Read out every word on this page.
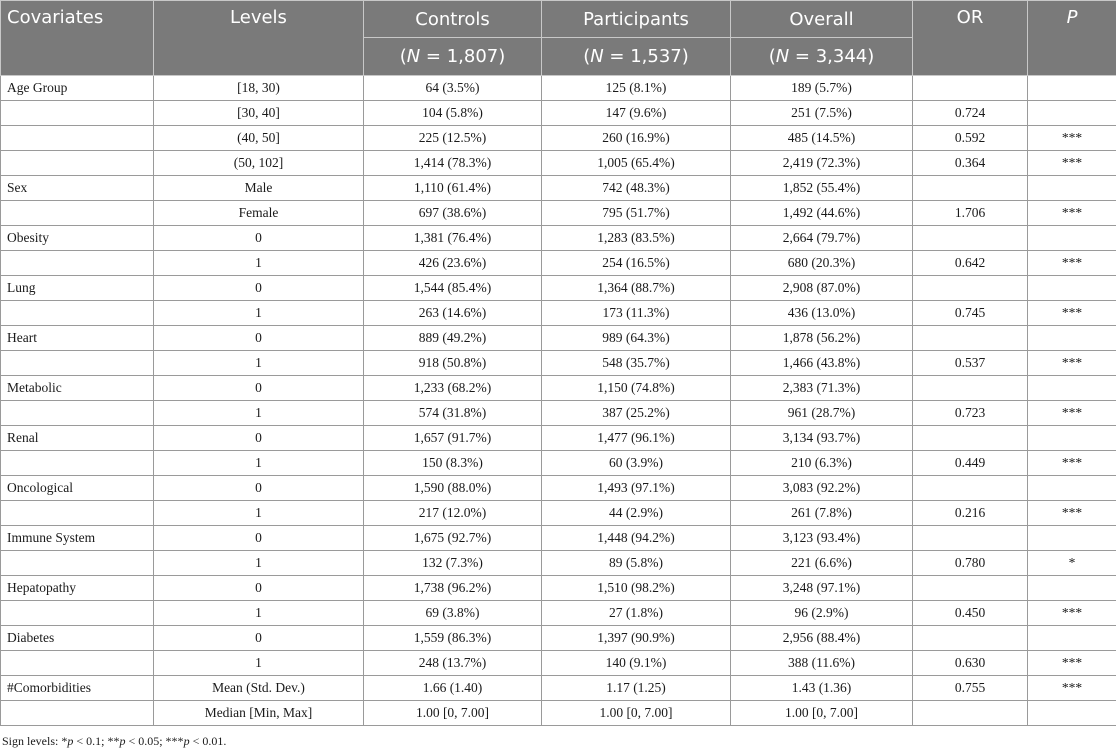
Covariates	Levels	Controls	Participants	Overall	OR	P
		(N = 1,807)	(N = 1,537)	(N = 3,344)		
Age Group	[18, 30)	64 (3.5%)	125 (8.1%)	189 (5.7%)		
	[30, 40]	104 (5.8%)	147 (9.6%)	251 (7.5%)	0.724	
	(40, 50]	225 (12.5%)	260 (16.9%)	485 (14.5%)	0.592	***
	(50, 102]	1,414 (78.3%)	1,005 (65.4%)	2,419 (72.3%)	0.364	***
Sex	Male	1,110 (61.4%)	742 (48.3%)	1,852 (55.4%)		
	Female	697 (38.6%)	795 (51.7%)	1,492 (44.6%)	1.706	***
Obesity	0	1,381 (76.4%)	1,283 (83.5%)	2,664 (79.7%)		
	1	426 (23.6%)	254 (16.5%)	680 (20.3%)	0.642	***
Lung	0	1,544 (85.4%)	1,364 (88.7%)	2,908 (87.0%)		
	1	263 (14.6%)	173 (11.3%)	436 (13.0%)	0.745	***
Heart	0	889 (49.2%)	989 (64.3%)	1,878 (56.2%)		
	1	918 (50.8%)	548 (35.7%)	1,466 (43.8%)	0.537	***
Metabolic	0	1,233 (68.2%)	1,150 (74.8%)	2,383 (71.3%)		
	1	574 (31.8%)	387 (25.2%)	961 (28.7%)	0.723	***
Renal	0	1,657 (91.7%)	1,477 (96.1%)	3,134 (93.7%)		
	1	150 (8.3%)	60 (3.9%)	210 (6.3%)	0.449	***
Oncological	0	1,590 (88.0%)	1,493 (97.1%)	3,083 (92.2%)		
	1	217 (12.0%)	44 (2.9%)	261 (7.8%)	0.216	***
Immune System	0	1,675 (92.7%)	1,448 (94.2%)	3,123 (93.4%)		
	1	132 (7.3%)	89 (5.8%)	221 (6.6%)	0.780	*
Hepatopathy	0	1,738 (96.2%)	1,510 (98.2%)	3,248 (97.1%)		
	1	69 (3.8%)	27 (1.8%)	96 (2.9%)	0.450	***
Diabetes	0	1,559 (86.3%)	1,397 (90.9%)	2,956 (88.4%)		
	1	248 (13.7%)	140 (9.1%)	388 (11.6%)	0.630	***
#Comorbidities	Mean (Std. Dev.)	1.66 (1.40)	1.17 (1.25)	1.43 (1.36)	0.755	***
	Median [Min, Max]	1.00 [0, 7.00]	1.00 [0, 7.00]	1.00 [0, 7.00]		
Sign levels: *p < 0.1; **p < 0.05; ***p < 0.01.
